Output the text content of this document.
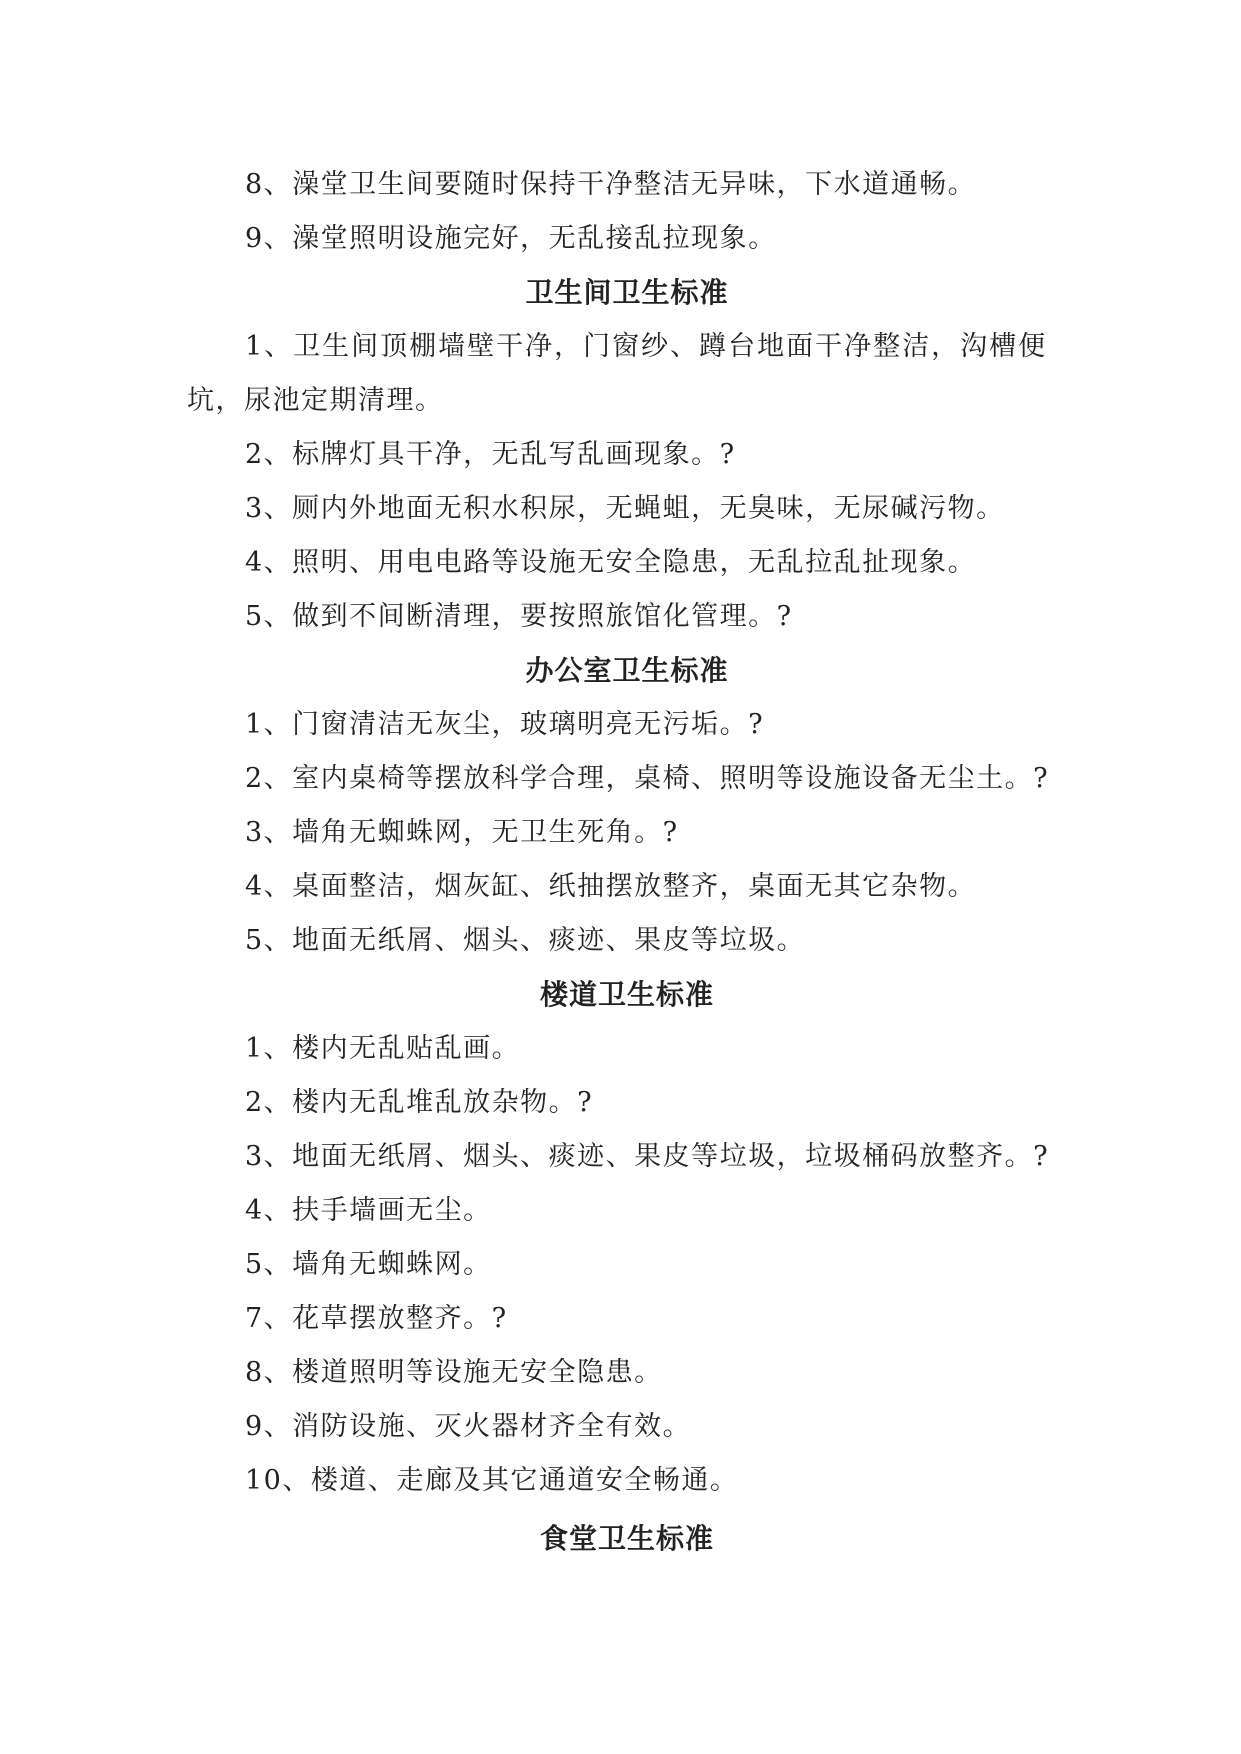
8、澡堂卫生间要随时保持干净整洁无异味，下水道通畅。
9、澡堂照明设施完好，无乱接乱拉现象。
卫生间卫生标准
1、卫生间顶棚墙壁干净，门窗纱、蹲台地面干净整洁，沟槽便
坑，尿池定期清理。
2、标牌灯具干净，无乱写乱画现象。?
3、厕内外地面无积水积尿，无蝇蛆，无臭味，无尿碱污物。
4、照明、用电电路等设施无安全隐患，无乱拉乱扯现象。
5、做到不间断清理，要按照旅馆化管理。?
办公室卫生标准
1、门窗清洁无灰尘，玻璃明亮无污垢。?
2、室内桌椅等摆放科学合理，桌椅、照明等设施设备无尘土。?
3、墙角无蜘蛛网，无卫生死角。?
4、桌面整洁，烟灰缸、纸抽摆放整齐，桌面无其它杂物。
5、地面无纸屑、烟头、痰迹、果皮等垃圾。
楼道卫生标准
1、楼内无乱贴乱画。
2、楼内无乱堆乱放杂物。?
3、地面无纸屑、烟头、痰迹、果皮等垃圾，垃圾桶码放整齐。?
4、扶手墙画无尘。
5、墙角无蜘蛛网。
7、花草摆放整齐。?
8、楼道照明等设施无安全隐患。
9、消防设施、灭火器材齐全有效。
10、楼道、走廊及其它通道安全畅通。
食堂卫生标准
